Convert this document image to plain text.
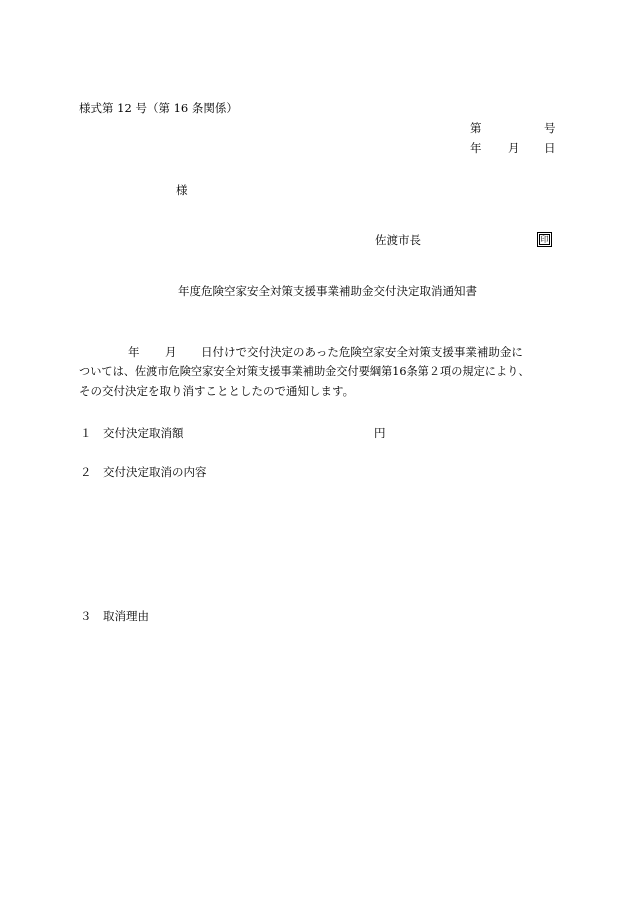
様式第 12 号（第 16 条関係）
第	号
年 月 日
様
佐渡市長	印
年度危険空家安全対策支援事業補助金交付決定取消通知書
年 月 日付けで交付決定のあった危険空家安全対策支援事業補助金に
ついては、佐渡市危険空家安全対策支援事業補助金交付要綱第16条第２項の規定により、
その交付決定を取り消すこととしたので通知します。
１ 交付決定取消額	円
２ 交付決定取消の内容
３ 取消理由
